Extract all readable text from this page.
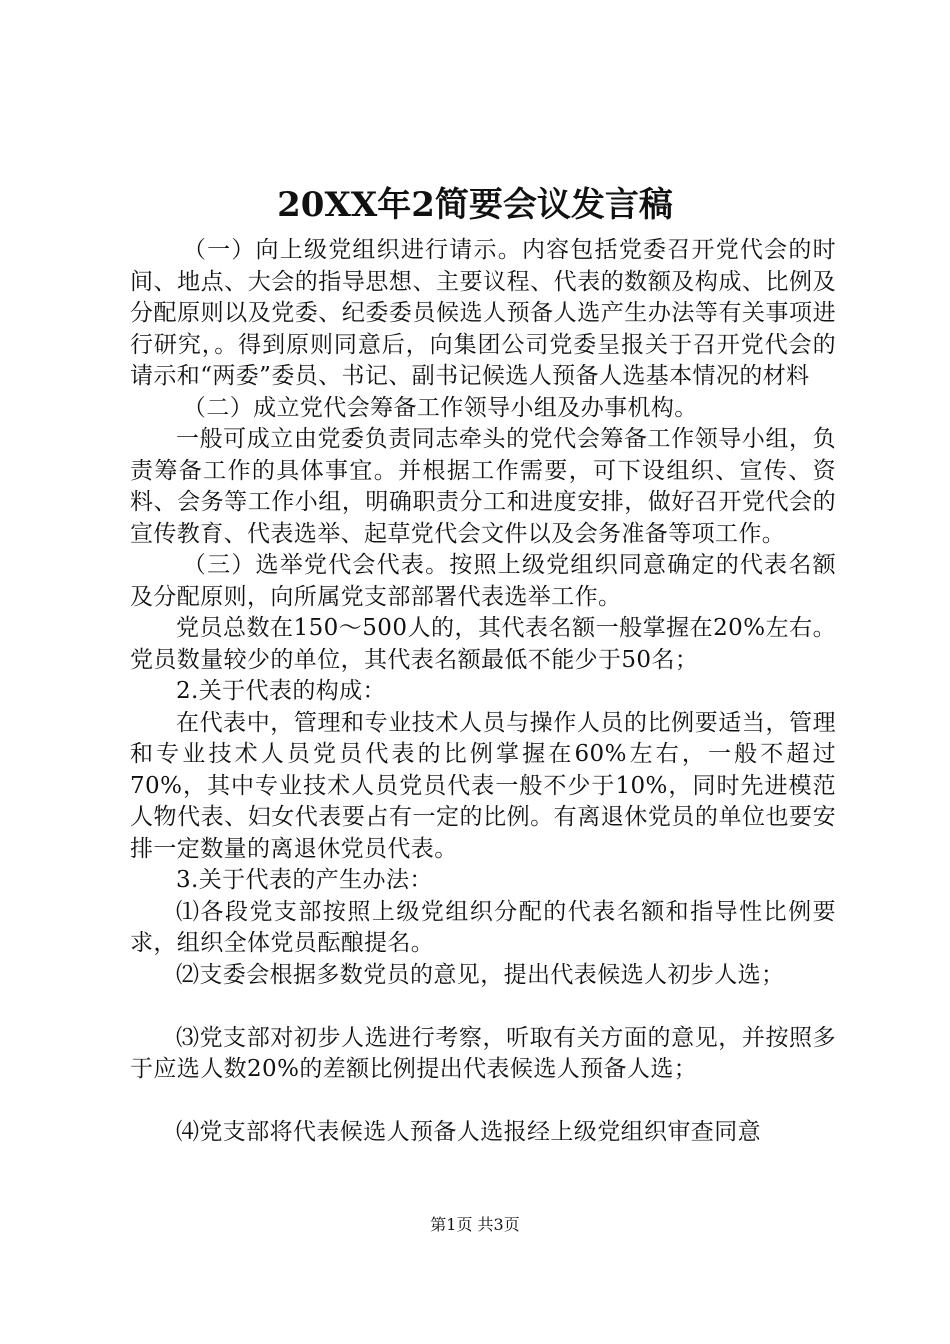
20XX年2简要会议发言稿

（一）向上级党组织进行请示。内容包括党委召开党代会的时间、地点、大会的指导思想、主要议程、代表的数额及构成、比例及分配原则以及党委、纪委委员候选人预备人选产生办法等有关事项进行研究，。得到原则同意后，向集团公司党委呈报关于召开党代会的请示和“两委”委员、书记、副书记候选人预备人选基本情况的材料

（二）成立党代会筹备工作领导小组及办事机构。

一般可成立由党委负责同志牵头的党代会筹备工作领导小组，负责筹备工作的具体事宜。并根据工作需要，可下设组织、宣传、资料、会务等工作小组，明确职责分工和进度安排，做好召开党代会的宣传教育、代表选举、起草党代会文件以及会务准备等项工作。

（三）选举党代会代表。按照上级党组织同意确定的代表名额及分配原则，向所属党支部部署代表选举工作。

党员总数在150～500人的，其代表名额一般掌握在20%左右。党员数量较少的单位，其代表名额最低不能少于50名；

2.关于代表的构成：

在代表中，管理和专业技术人员与操作人员的比例要适当，管理和专业技术人员党员代表的比例掌握在60%左右，一般不超过70%，其中专业技术人员党员代表一般不少于10%，同时先进模范人物代表、妇女代表要占有一定的比例。有离退休党员的单位也要安排一定数量的离退休党员代表。

3.关于代表的产生办法：

⑴各段党支部按照上级党组织分配的代表名额和指导性比例要求，组织全体党员酝酿提名。

⑵支委会根据多数党员的意见，提出代表候选人初步人选；

⑶党支部对初步人选进行考察，听取有关方面的意见，并按照多于应选人数20%的差额比例提出代表候选人预备人选；

⑷党支部将代表候选人预备人选报经上级党组织审查同意

第1页 共3页
